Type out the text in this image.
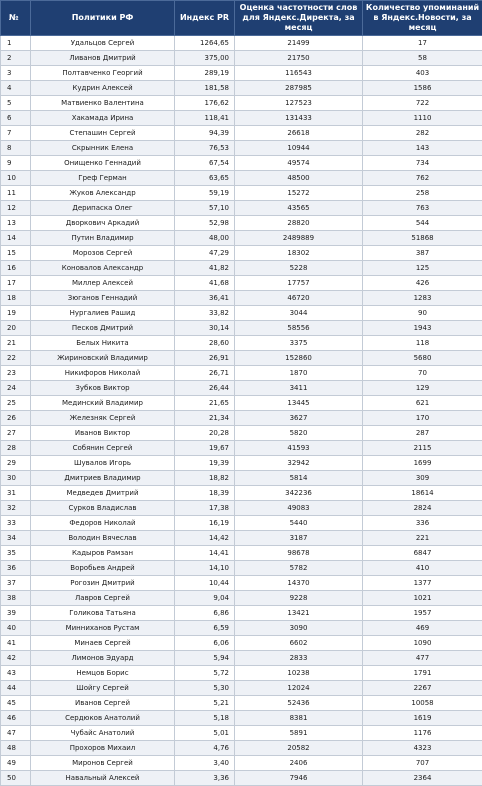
№	Политики РФ	Индекс PR	Оценка частотности слов для Яндекс.Директа, за месяц	Количество упоминаний в Яндекс.Новости, за месяц
1	Удальцов Сергей	1264,65	21499	17
2	Ливанов Дмитрий	375,00	21750	58
3	Полтавченко Георгий	289,19	116543	403
4	Кудрин Алексей	181,58	287985	1586
5	Матвиенко Валентина	176,62	127523	722
6	Хакамада Ирина	118,41	131433	1110
7	Степашин Сергей	94,39	26618	282
8	Скрынник Елена	76,53	10944	143
9	Онищенко Геннадий	67,54	49574	734
10	Греф Герман	63,65	48500	762
11	Жуков Александр	59,19	15272	258
12	Дерипаска Олег	57,10	43565	763
13	Дворкович Аркадий	52,98	28820	544
14	Путин Владимир	48,00	2489889	51868
15	Морозов Сергей	47,29	18302	387
16	Коновалов Александр	41,82	5228	125
17	Миллер Алексей	41,68	17757	426
18	Зюганов Геннадий	36,41	46720	1283
19	Нургалиев Рашид	33,82	3044	90
20	Песков Дмитрий	30,14	58556	1943
21	Белых Никита	28,60	3375	118
22	Жириновский Владимир	26,91	152860	5680
23	Никифоров Николай	26,71	1870	70
24	Зубков Виктор	26,44	3411	129
25	Мединский Владимир	21,65	13445	621
26	Железняк Сергей	21,34	3627	170
27	Иванов Виктор	20,28	5820	287
28	Собянин Сергей	19,67	41593	2115
29	Шувалов Игорь	19,39	32942	1699
30	Дмитриев Владимир	18,82	5814	309
31	Медведев Дмитрий	18,39	342236	18614
32	Сурков Владислав	17,38	49083	2824
33	Федоров Николай	16,19	5440	336
34	Володин Вячеслав	14,42	3187	221
35	Кадыров Рамзан	14,41	98678	6847
36	Воробьев Андрей	14,10	5782	410
37	Рогозин Дмитрий	10,44	14370	1377
38	Лавров Сергей	9,04	9228	1021
39	Голикова Татьяна	6,86	13421	1957
40	Минниханов Рустам	6,59	3090	469
41	Минаев Сергей	6,06	6602	1090
42	Лимонов Эдуард	5,94	2833	477
43	Немцов Борис	5,72	10238	1791
44	Шойгу Сергей	5,30	12024	2267
45	Иванов Сергей	5,21	52436	10058
46	Сердюков Анатолий	5,18	8381	1619
47	Чубайс Анатолий	5,01	5891	1176
48	Прохоров Михаил	4,76	20582	4323
49	Миронов Сергей	3,40	2406	707
50	Навальный Алексей	3,36	7946	2364
